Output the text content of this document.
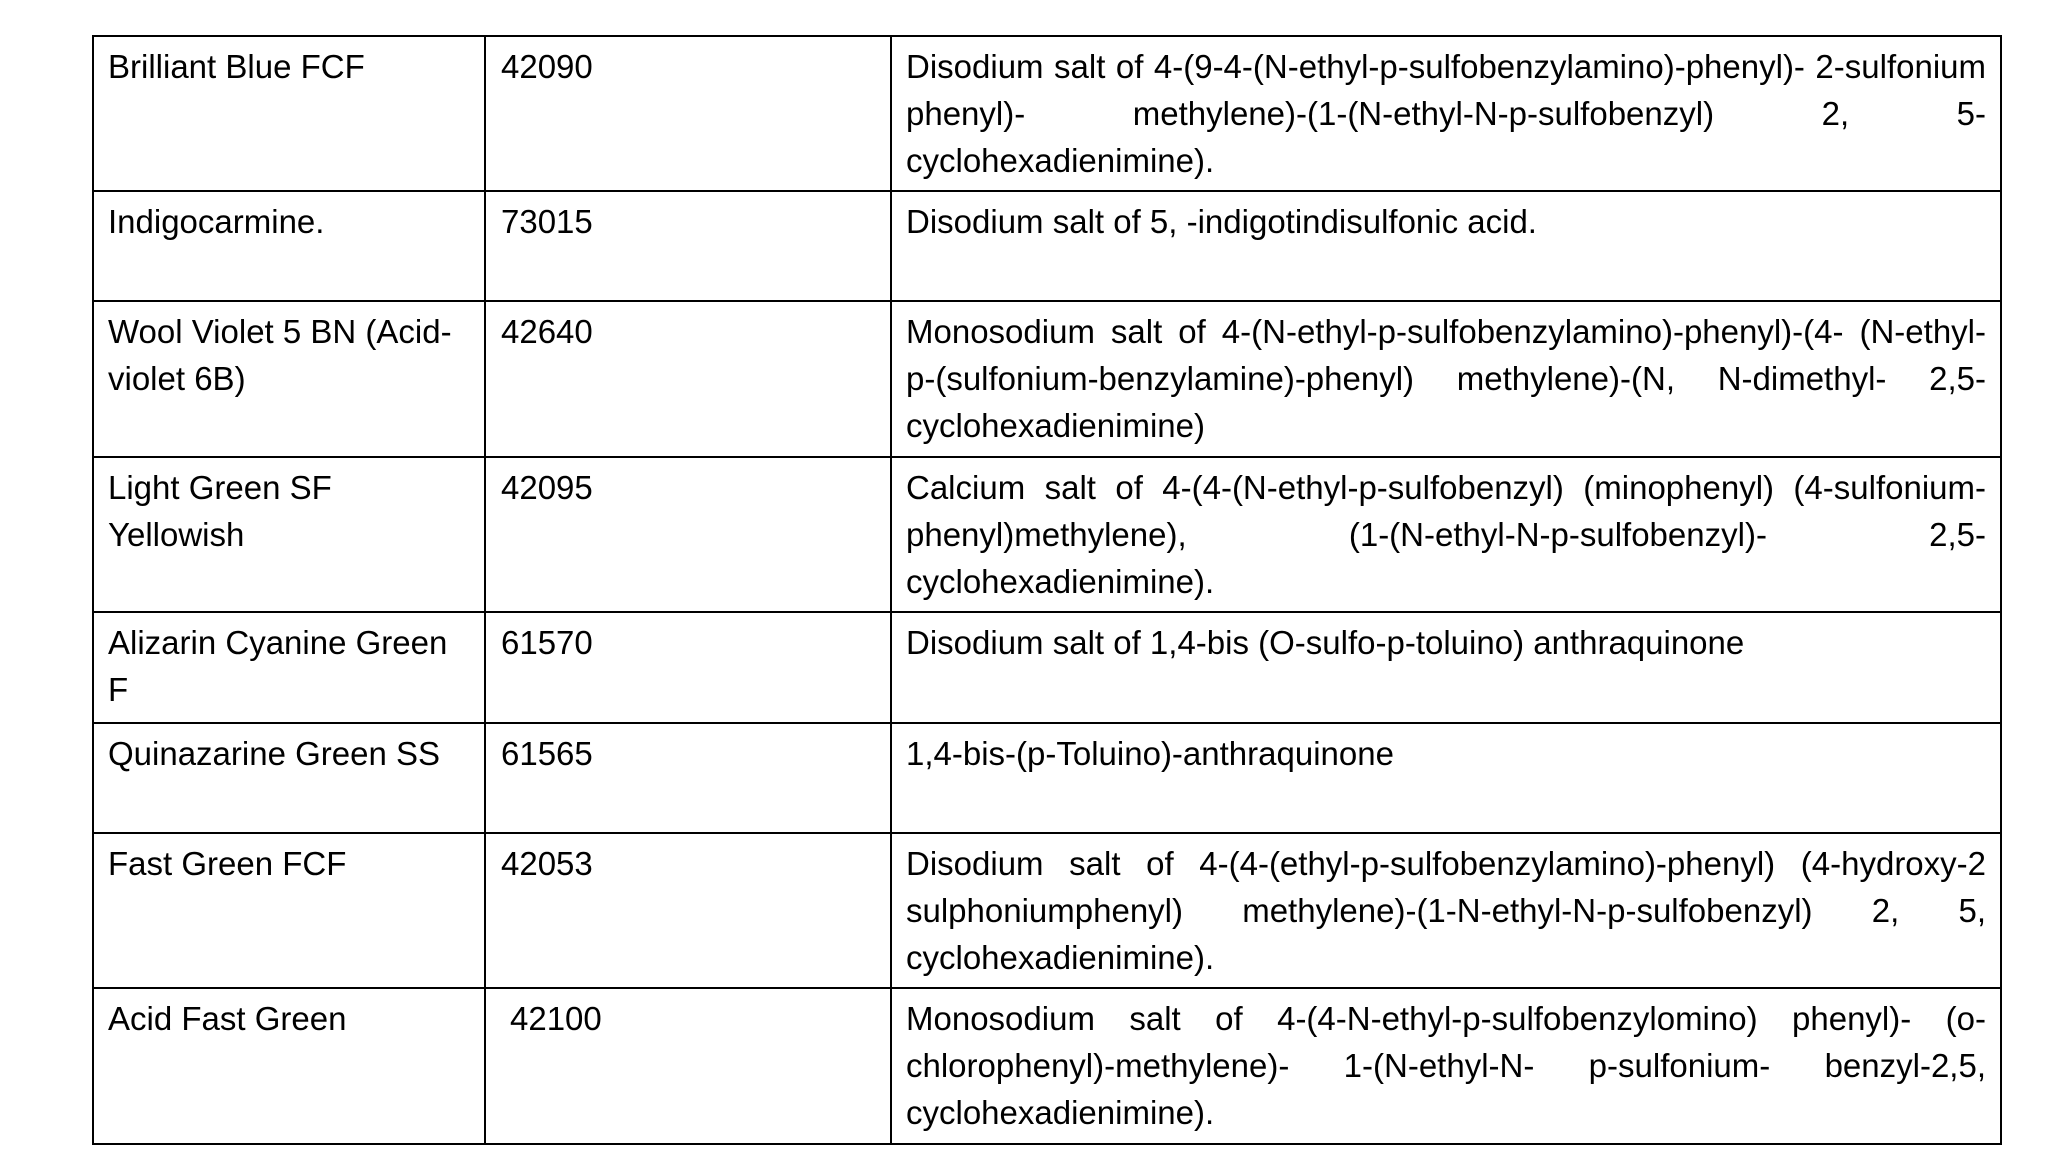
Brilliant Blue FCF	42090	Disodium salt of 4-(9-4-(N-ethyl-p-sulfobenzylamino)-phenyl)- 2-sulfonium phenyl)- methylene)-(1-(N-ethyl-N-p-sulfobenzyl) 2, 5-cyclohexadienimine).

Indigocarmine.	73015	Disodium salt of 5, -indigotindisulfonic acid.

Wool Violet 5 BN (Acid- violet 6B)	42640	Monosodium salt of 4-(N-ethyl-p-sulfobenzylamino)-phenyl)-(4- (N-ethyl-p-(sulfonium-benzylamine)-phenyl) methylene)-(N, N-dimethyl- 2,5-cyclohexadienimine)

Light Green SF Yellowish	42095	Calcium salt of 4-(4-(N-ethyl-p-sulfobenzyl) (minophenyl) (4-sulfonium-phenyl)methylene), (1-(N-ethyl-N-p-sulfobenzyl)- 2,5-cyclohexadienimine).

Alizarin Cyanine Green F	61570	Disodium salt of 1,4-bis (O-sulfo-p-toluino) anthraquinone

Quinazarine Green SS	61565	1,4-bis-(p-Toluino)-anthraquinone

Fast Green FCF	42053	Disodium salt of 4-(4-(ethyl-p-sulfobenzylamino)-phenyl) (4-hydroxy-2 sulphoniumphenyl) methylene)-(1-N-ethyl-N-p-sulfobenzyl) 2, 5, cyclohexadienimine).

Acid Fast Green	42100	Monosodium salt of 4-(4-N-ethyl-p-sulfobenzylomino) phenyl)- (o-chlorophenyl)-methylene)- 1-(N-ethyl-N- p-sulfonium- benzyl-2,5, cyclohexadienimine).
